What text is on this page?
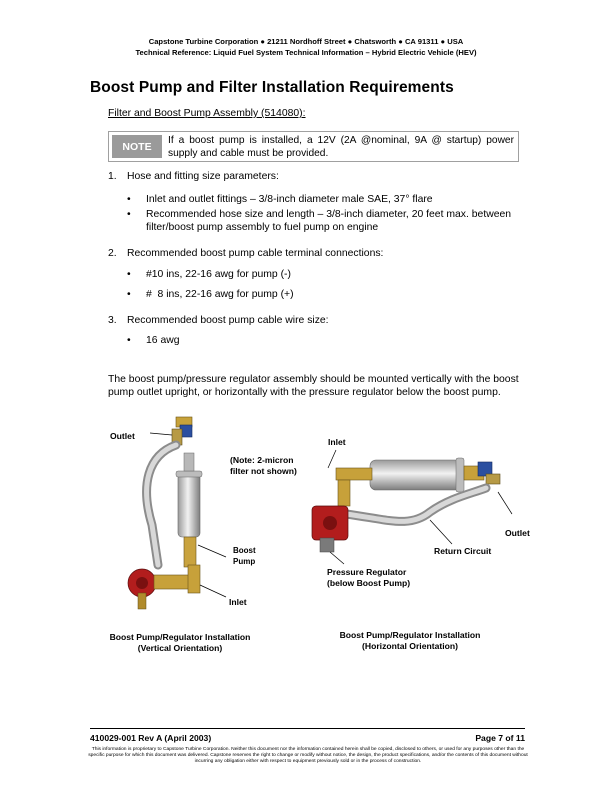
Capstone Turbine Corporation ● 21211 Nordhoff Street ● Chatsworth ● CA 91311 ● USA
Technical Reference: Liquid Fuel System Technical Information – Hybrid Electric Vehicle (HEV)
Boost Pump and Filter Installation Requirements
Filter and Boost Pump Assembly (514080):
NOTE	If a boost pump is installed, a 12V (2A @nominal, 9A @ startup) power supply and cable must be provided.
1. Hose and fitting size parameters:
• Inlet and outlet fittings – 3/8-inch diameter male SAE, 37° flare
• Recommended hose size and length – 3/8-inch diameter, 20 feet max. between filter/boost pump assembly to fuel pump on engine
2. Recommended boost pump cable terminal connections:
• #10 ins, 22-16 awg for pump (-)
• #  8 ins, 22-16 awg for pump (+)
3. Recommended boost pump cable wire size:
• 16 awg
The boost pump/pressure regulator assembly should be mounted vertically with the boost pump outlet upright, or horizontally with the pressure regulator below the boost pump.
Outlet
(Note: 2-micron filter not shown)
Boost Pump
Inlet
Boost Pump/Regulator Installation
(Vertical Orientation)
Inlet
Outlet
Return Circuit
Pressure Regulator
(below Boost Pump)
Boost Pump/Regulator Installation
(Horizontal Orientation)
410029-001 Rev A (April 2003)	Page 7 of 11
This information is proprietary to Capstone Turbine Corporation. Neither this document nor the information contained herein shall be copied, disclosed to others, or used for any purposes other than the specific purpose for which this document was delivered. Capstone reserves the right to change or modify without notice, the design, the product specifications, and/or the contents of this document without incurring any obligation either with respect to equipment previously sold or in the process of construction.
